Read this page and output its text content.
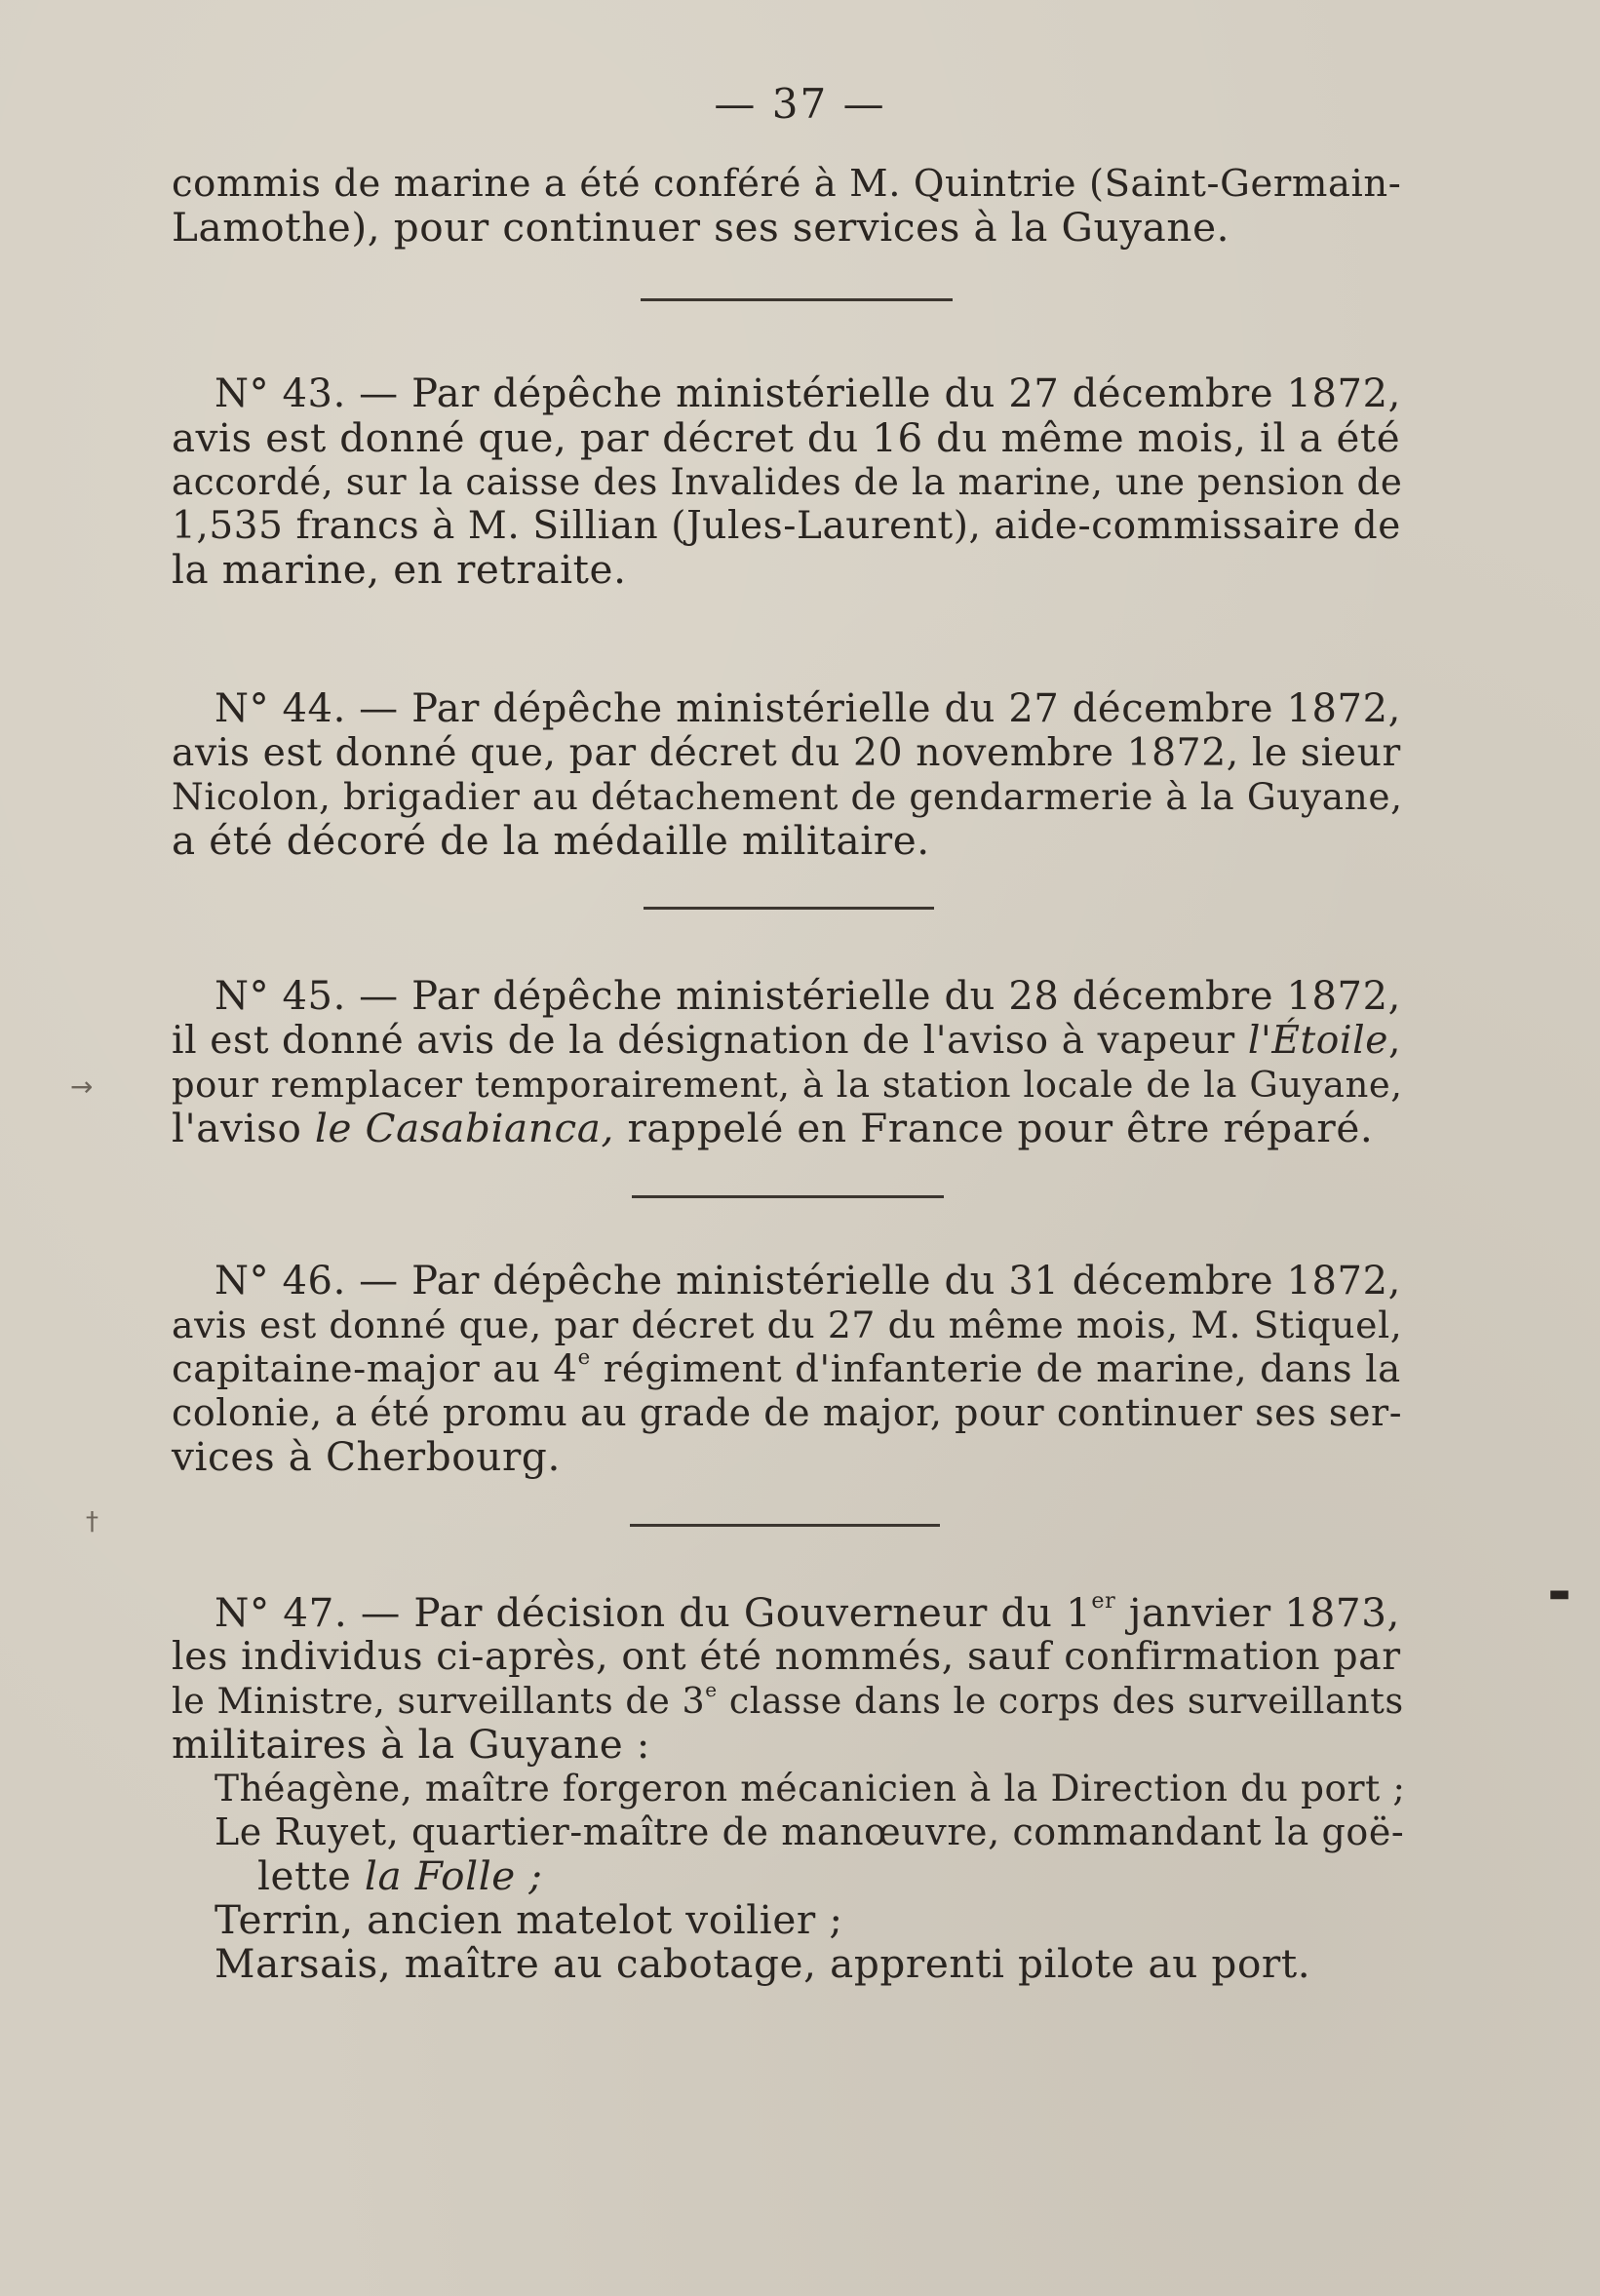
— 37 —
commis de marine a été conféré à M. Quintrie (Saint-Germain-
Lamothe), pour continuer ses services à la Guyane.
N° 43. — Par dépêche ministérielle du 27 décembre 1872,
avis est donné que, par décret du 16 du même mois, il a été
accordé, sur la caisse des Invalides de la marine, une pension de
1,535 francs à M. Sillian (Jules-Laurent), aide-commissaire de
la marine, en retraite.
N° 44. — Par dépêche ministérielle du 27 décembre 1872,
avis est donné que, par décret du 20 novembre 1872, le sieur
Nicolon, brigadier au détachement de gendarmerie à la Guyane,
a été décoré de la médaille militaire.
N° 45. — Par dépêche ministérielle du 28 décembre 1872,
il est donné avis de la désignation de l'aviso à vapeur l'Étoile,
pour remplacer temporairement, à la station locale de la Guyane,
l'aviso le Casabianca, rappelé en France pour être réparé.
N° 46. — Par dépêche ministérielle du 31 décembre 1872,
avis est donné que, par décret du 27 du même mois, M. Stiquel,
capitaine-major au 4e régiment d'infanterie de marine, dans la
colonie, a été promu au grade de major, pour continuer ses ser-
vices à Cherbourg.
N° 47. — Par décision du Gouverneur du 1er janvier 1873,
les individus ci-après, ont été nommés, sauf confirmation par
le Ministre, surveillants de 3e classe dans le corps des surveillants
militaires à la Guyane :
Théagène, maître forgeron mécanicien à la Direction du port ;
Le Ruyet, quartier-maître de manœuvre, commandant la goë-
lette la Folle ;
Terrin, ancien matelot voilier ;
Marsais, maître au cabotage, apprenti pilote au port.
→
†
▬
